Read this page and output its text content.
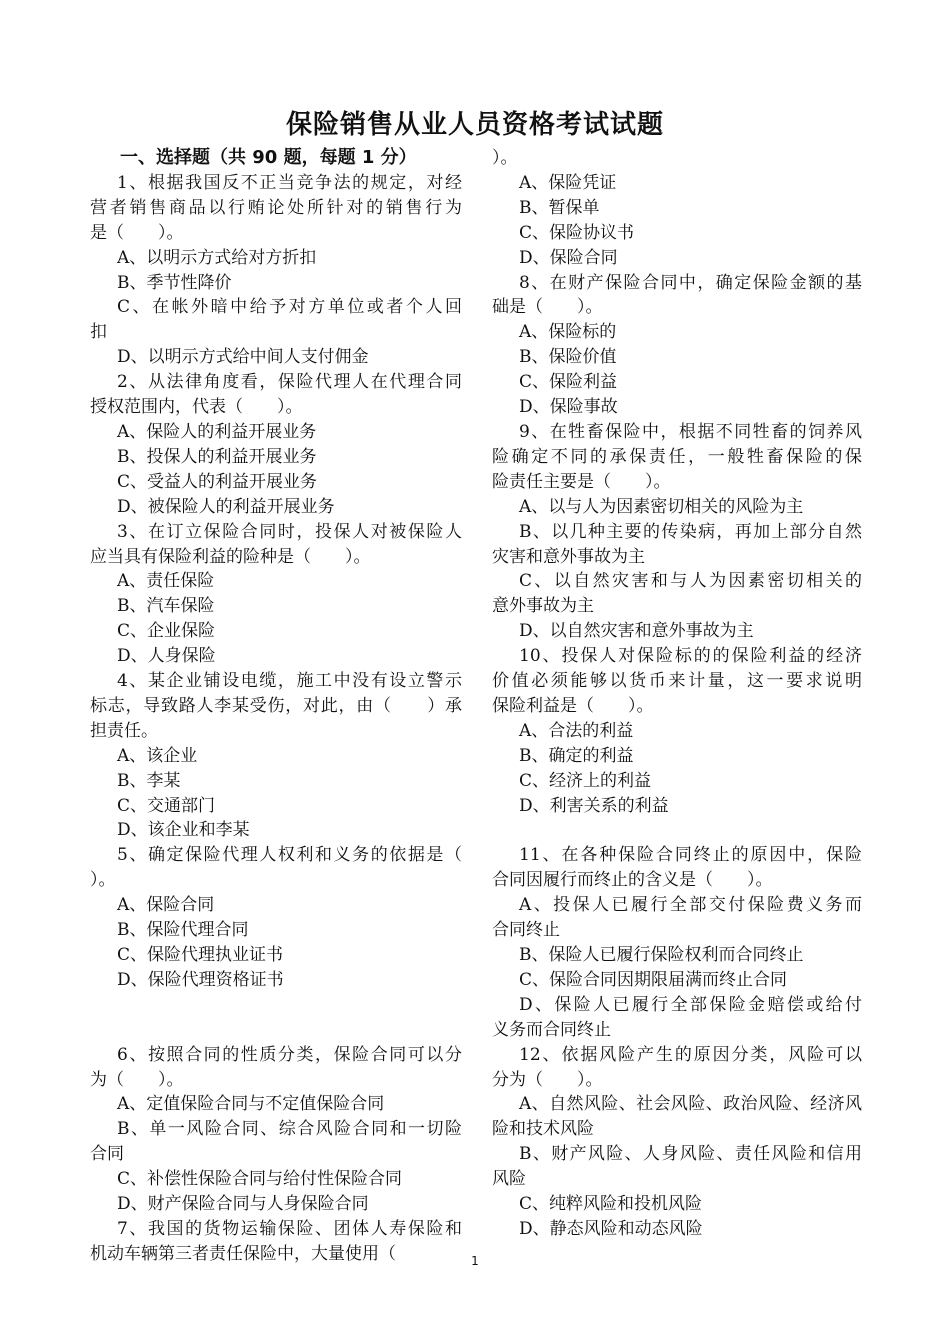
保险销售从业人员资格考试试题
一、选择题（共 90 题，每题 1 分）
1、根据我国反不正当竞争法的规定，对经
营者销售商品以行贿论处所针对的销售行为
是（　　）。
A、以明示方式给对方折扣
B、季节性降价
C、在帐外暗中给予对方单位或者个人回
扣
D、以明示方式给中间人支付佣金
2、从法律角度看，保险代理人在代理合同
授权范围内，代表（　　）。
A、保险人的利益开展业务
B、投保人的利益开展业务
C、受益人的利益开展业务
D、被保险人的利益开展业务
3、在订立保险合同时，投保人对被保险人
应当具有保险利益的险种是（　　）。
A、责任保险
B、汽车保险
C、企业保险
D、人身保险
4、某企业铺设电缆，施工中没有设立警示
标志，导致路人李某受伤，对此，由（　　）承
担责任。
A、该企业
B、李某
C、交通部门
D、该企业和李某
5、确定保险代理人权利和义务的依据是（
）。
A、保险合同
B、保险代理合同
C、保险代理执业证书
D、保险代理资格证书
6、按照合同的性质分类，保险合同可以分
为（　　）。
A、定值保险合同与不定值保险合同
B、单一风险合同、综合风险合同和一切险
合同
C、补偿性保险合同与给付性保险合同
D、财产保险合同与人身保险合同
7、我国的货物运输保险、团体人寿保险和
机动车辆第三者责任保险中，大量使用（
）。
A、保险凭证
B、暂保单
C、保险协议书
D、保险合同
8、在财产保险合同中，确定保险金额的基
础是（　　）。
A、保险标的
B、保险价值
C、保险利益
D、保险事故
9、在牲畜保险中，根据不同牲畜的饲养风
险确定不同的承保责任，一般牲畜保险的保
险责任主要是（　　）。
A、以与人为因素密切相关的风险为主
B、以几种主要的传染病，再加上部分自然
灾害和意外事故为主
C、以自然灾害和与人为因素密切相关的
意外事故为主
D、以自然灾害和意外事故为主
10、投保人对保险标的的保险利益的经济
价值必须能够以货币来计量，这一要求说明
保险利益是（　　）。
A、合法的利益
B、确定的利益
C、经济上的利益
D、利害关系的利益
11、在各种保险合同终止的原因中，保险
合同因履行而终止的含义是（　　）。
A、投保人已履行全部交付保险费义务而
合同终止
B、保险人已履行保险权利而合同终止
C、保险合同因期限届满而终止合同
D、保险人已履行全部保险金赔偿或给付
义务而合同终止
12、依据风险产生的原因分类，风险可以
分为（　　）。
A、自然风险、社会风险、政治风险、经济风
险和技术风险
B、财产风险、人身风险、责任风险和信用
风险
C、纯粹风险和投机风险
D、静态风险和动态风险
1
